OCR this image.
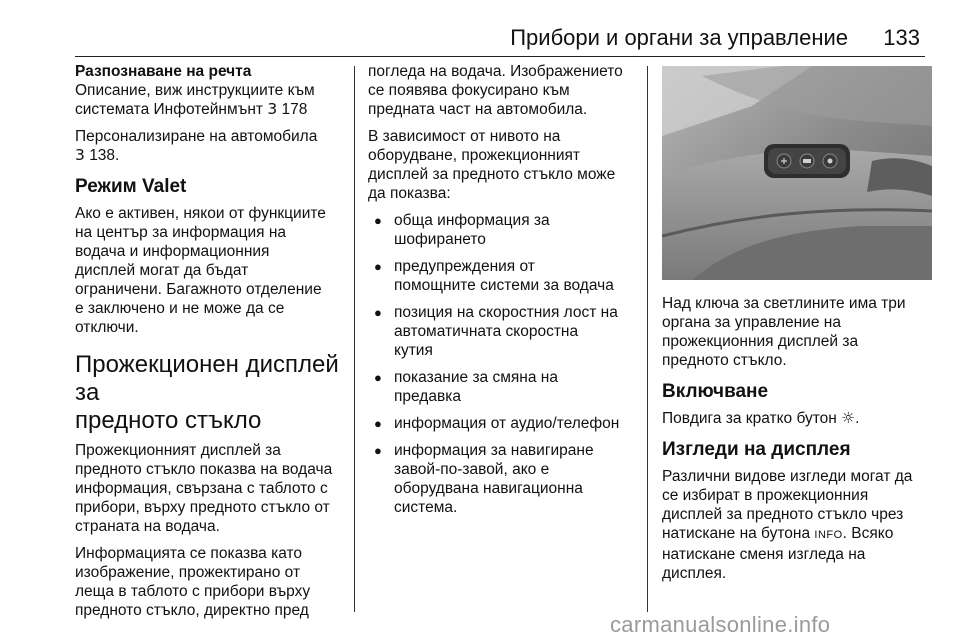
Прибори и органи за управление 133

Разпознаване на речта
Описание, виж инструкциите към
системата Инфотейнмънт 3 178

Персонализиране на автомобила
3 138.

Режим Valet

Ако е активен, някои от функциите
на център за информация на
водача и информационния
дисплей могат да бъдат
ограничени. Багажното отделение
е заключено и не може да се
отключи.

Прожекционен дисплей за
предното стъкло

Прожекционният дисплей за
предното стъкло показва на водача
информация, свързана с таблото с
прибори, върху предното стъкло от
страната на водача.

Информацията се показва като
изображение, прожектирано от
леща в таблото с прибори върху
предното стъкло, директно пред

погледа на водача. Изображението
се появява фокусирано към
предната част на автомобила.

В зависимост от нивото на
оборудване, прожекционният
дисплей за предното стъкло може
да показва:

● обща информация за
шофирането
● предупреждения от
помощните системи за водача
● позиция на скоростния лост на
автоматичната скоростна
кутия
● показание за смяна на
предавка
● информация от аудио/телефон
● информация за навигиране
завой-по-завой, ако е
оборудвана навигационна
система.

Над ключа за светлините има три
органа за управление на
прожекционния дисплей за
предното стъкло.

Включване

Повдига за кратко бутон ☼.

Изгледи на дисплея

Различни видове изгледи могат да
се избират в прожекционния
дисплей за предното стъкло чрез
натискане на бутона INFO. Всяко
натискане сменя изгледа на
дисплея.

carmanualsonline.info
